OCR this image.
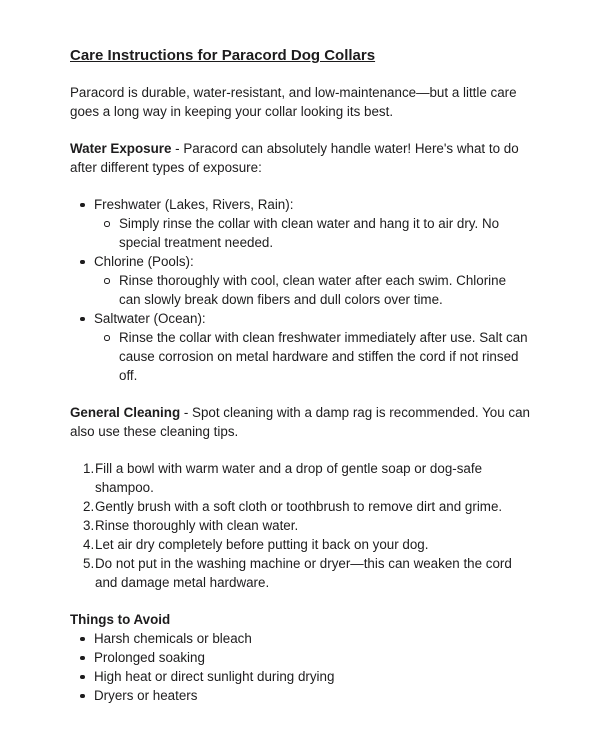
Care Instructions for Paracord Dog Collars

Paracord is durable, water-resistant, and low-maintenance—but a little care goes a long way in keeping your collar looking its best.

Water Exposure - Paracord can absolutely handle water! Here's what to do after different types of exposure:

Freshwater (Lakes, Rivers, Rain):
Simply rinse the collar with clean water and hang it to air dry. No special treatment needed.
Chlorine (Pools):
Rinse thoroughly with cool, clean water after each swim. Chlorine can slowly break down fibers and dull colors over time.
Saltwater (Ocean):
Rinse the collar with clean freshwater immediately after use. Salt can cause corrosion on metal hardware and stiffen the cord if not rinsed off.

General Cleaning - Spot cleaning with a damp rag is recommended. You can also use these cleaning tips.

Fill a bowl with warm water and a drop of gentle soap or dog-safe shampoo.
Gently brush with a soft cloth or toothbrush to remove dirt and grime.
Rinse thoroughly with clean water.
Let air dry completely before putting it back on your dog.
Do not put in the washing machine or dryer—this can weaken the cord and damage metal hardware.

Things to Avoid

Harsh chemicals or bleach
Prolonged soaking
High heat or direct sunlight during drying
Dryers or heaters
